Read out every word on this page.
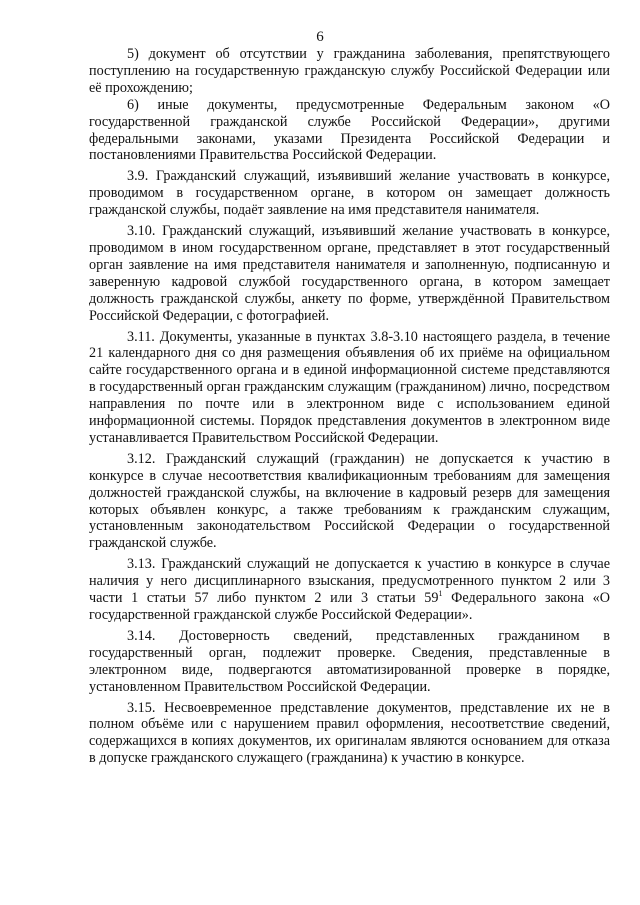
6

5) документ об отсутствии у гражданина заболевания, препятствующего поступлению на государственную гражданскую службу Российской Федерации или её прохождению;

6) иные документы, предусмотренные Федеральным законом «О государственной гражданской службе Российской Федерации», другими федеральными законами, указами Президента Российской Федерации и постановлениями Правительства Российской Федерации.

3.9. Гражданский служащий, изъявивший желание участвовать в конкурсе, проводимом в государственном органе, в котором он замещает должность гражданской службы, подаёт заявление на имя представителя нанимателя.

3.10. Гражданский служащий, изъявивший желание участвовать в конкурсе, проводимом в ином государственном органе, представляет в этот государственный орган заявление на имя представителя нанимателя и заполненную, подписанную и заверенную кадровой службой государственного органа, в котором замещает должность гражданской службы, анкету по форме, утверждённой Правительством Российской Федерации, с фотографией.

3.11. Документы, указанные в пунктах 3.8-3.10 настоящего раздела, в течение 21 календарного дня со дня размещения объявления об их приёме на официальном сайте государственного органа и в единой информационной системе представляются в государственный орган гражданским служащим (гражданином) лично, посредством направления по почте или в электронном виде с использованием единой информационной системы. Порядок представления документов в электронном виде устанавливается Правительством Российской Федерации.

3.12. Гражданский служащий (гражданин) не допускается к участию в конкурсе в случае несоответствия квалификационным требованиям для замещения должностей гражданской службы, на включение в кадровый резерв для замещения которых объявлен конкурс, а также требованиям к гражданским служащим, установленным законодательством Российской Федерации о государственной гражданской службе.

3.13. Гражданский служащий не допускается к участию в конкурсе в случае наличия у него дисциплинарного взыскания, предусмотренного пунктом 2 или 3 части 1 статьи 57 либо пунктом 2 или 3 статьи $59^1$ Федерального закона «О государственной гражданской службе Российской Федерации».

3.14. Достоверность сведений, представленных гражданином в государственный орган, подлежит проверке. Сведения, представленные в электронном виде, подвергаются автоматизированной проверке в порядке, установленном Правительством Российской Федерации.

3.15. Несвоевременное представление документов, представление их не в полном объёме или с нарушением правил оформления, несоответствие сведений, содержащихся в копиях документов, их оригиналам являются основанием для отказа в допуске гражданского служащего (гражданина) к участию в конкурсе.
